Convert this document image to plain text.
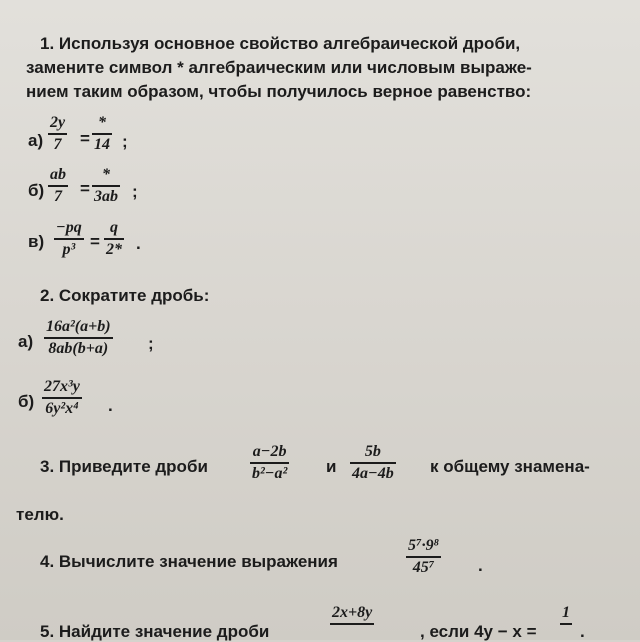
1. Используя основное свойство алгебраической дроби,
замените символ * алгебраическим или числовым выраже-
нием таким образом, чтобы получилось верное равенство:
а)
2y
7 =
*
14 ;
б)
ab
7 =
*
3ab ;
в)
−pq
p³ =
q
2* .
2. Сократите дробь:
а)
16a²(a+b)
8ab(b+a) ;
б)
27x³y
6y²x⁴ .
3. Приведите дроби
a−2b
b²−a² и
5b
4a−4b к общему знамена-
телю.
4. Вычислите значение выражения
5⁷·9⁸
45⁷	.
5. Найдите значение дроби
2x+8y
, если 4y − x =
1
.
